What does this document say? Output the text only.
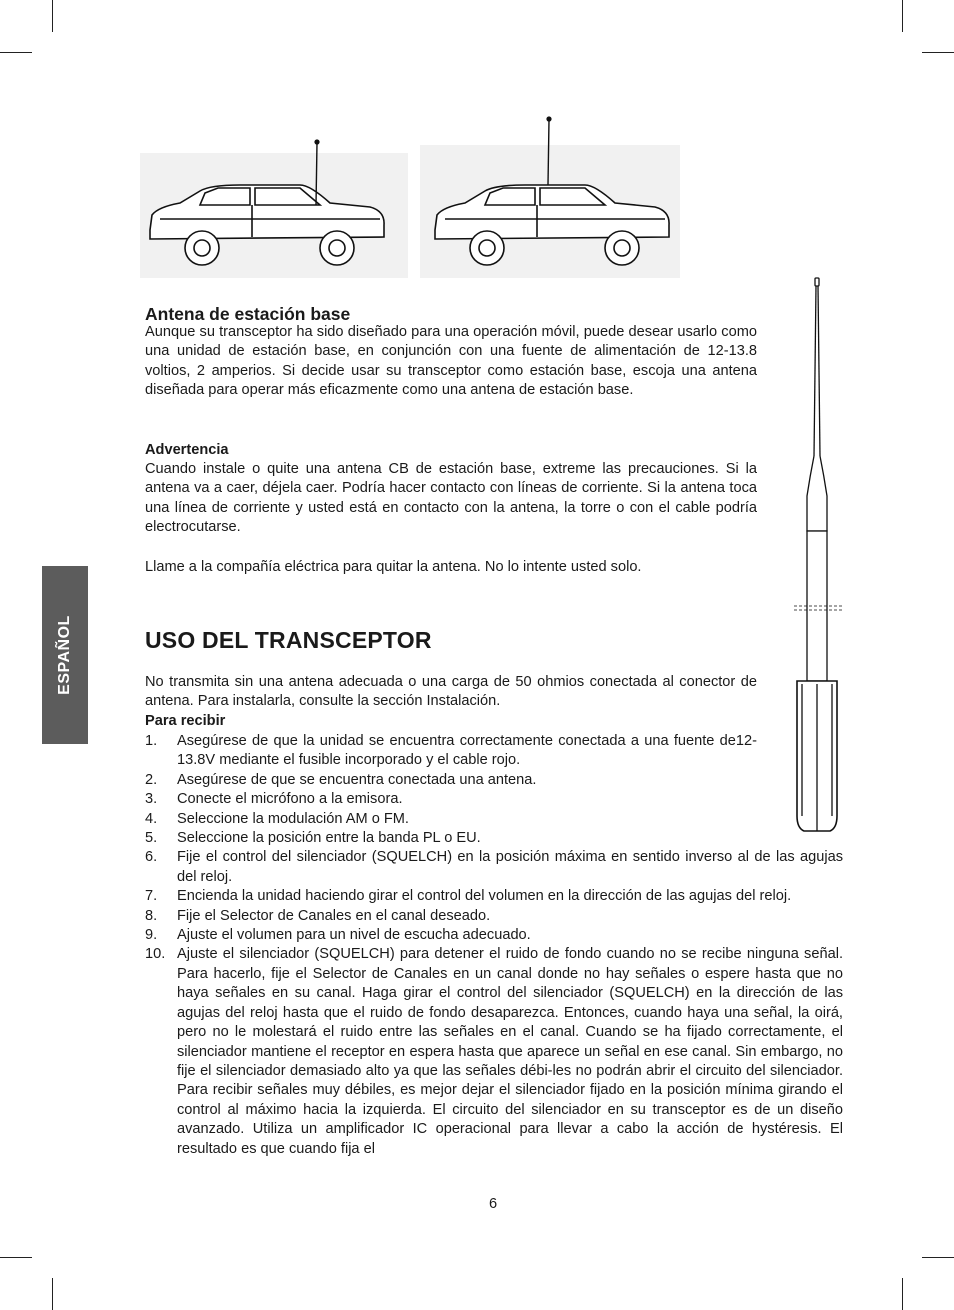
ESPAÑOL
Antena de estación base

Aunque su transceptor ha sido diseñado para una operación móvil, puede desear usarlo como una unidad de estación base, en conjunción con una fuente de alimentación de 12-13.8 voltios, 2 amperios. Si decide usar su transceptor como estación base, escoja una antena diseñada para operar más eficazmente como una antena de estación base.

Advertencia

Cuando instale o quite una antena CB de estación base, extreme las precauciones. Si la antena va a caer, déjela caer. Podría hacer contacto con líneas de corriente. Si la antena toca una línea de corriente y usted está en contacto con la antena, la torre o con el cable podría electrocutarse.

Llame a la compañía eléctrica para quitar la antena. No lo intente usted solo.

USO DEL TRANSCEPTOR

No transmita sin una antena adecuada o una carga de 50 ohmios conectada al conector de antena. Para instalarla, consulte la sección Instalación.

Para recibir
1. Asegúrese de que la unidad se encuentra correctamente conectada a una fuente de12-13.8V mediante el fusible incorporado y el cable rojo.
2. Asegúrese de que se encuentra conectada una antena.
3. Conecte el micrófono a la emisora.
4. Seleccione la modulación AM o FM.
5. Seleccione la posición entre la banda PL o EU.
6. Fije el control del silenciador (SQUELCH) en la posición máxima en sentido inverso al de las agujas del reloj.
7. Encienda la unidad haciendo girar el control del volumen en la dirección de las agujas del reloj.
8. Fije el Selector de Canales en el canal deseado.
9. Ajuste el volumen para un nivel de escucha adecuado.
10. Ajuste el silenciador (SQUELCH) para detener el ruido de fondo cuando no se recibe ninguna señal. Para hacerlo, fije el Selector de Canales en un canal donde no hay señales o espere hasta que no haya señales en su canal. Haga girar el control del silenciador (SQUELCH) en la dirección de las agujas del reloj hasta que el ruido de fondo desaparezca. Entonces, cuando haya una señal, la oirá, pero no le molestará el ruido entre las señales en el canal. Cuando se ha fijado correctamente, el silenciador mantiene el receptor en espera hasta que aparece un señal en ese canal. Sin embargo, no fije el silenciador demasiado alto ya que las señales débi-les no podrán abrir el circuito del silenciador. Para recibir señales muy débiles, es mejor dejar el silenciador fijado en la posición mínima girando el control al máximo hacia la izquierda. El circuito del silenciador en su transceptor es de un diseño avanzado. Utiliza un amplificador IC operacional para llevar a cabo la acción de hystéresis. El resultado es que cuando fija el
6
